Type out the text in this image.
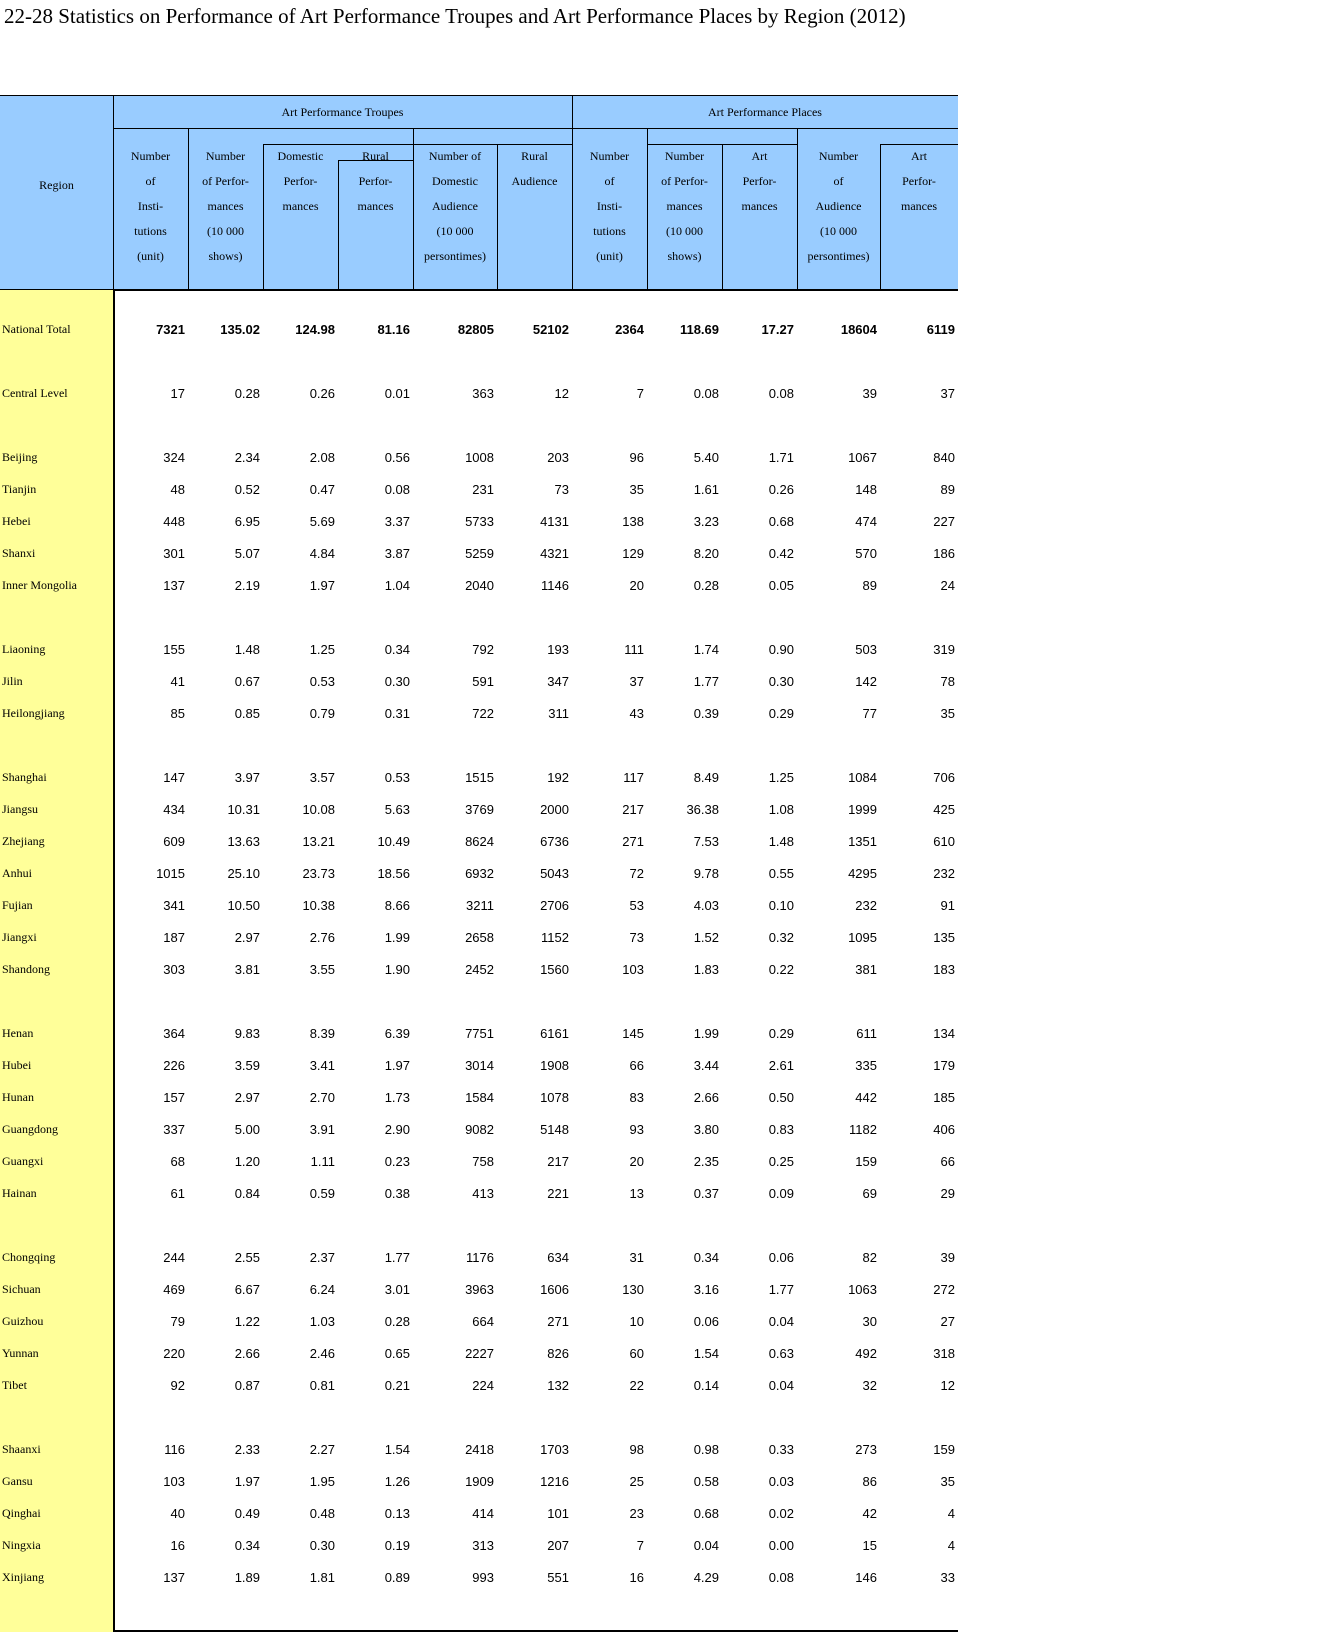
22-28 Statistics on Performance of Art Performance Troupes and Art Performance Places by Region (2012)
Region
Art Performance Troupes	Art Performance Places
Number
of
Insti-
tutions
(unit)
Number
of Perfor-
mances
(10 000
shows)
Domestic
Perfor-
mances
Rural
Perfor-
mances
Number of
Domestic
Audience
(10 000
persontimes)
Rural
Audience
Number
of
Insti-
tutions
(unit)
Number
of Perfor-
mances
(10 000
shows)
Art
Perfor-
mances
Number
of
Audience
(10 000
persontimes)
Art
Perfor-
mances
National Total	7321	135.02	124.98	81.16	82805	52102	2364	118.69	17.27	18604	6119
Central Level	17	0.28	0.26	0.01	363	12	7	0.08	0.08	39	37
Beijing	324	2.34	2.08	0.56	1008	203	96	5.40	1.71	1067	840
Tianjin	48	0.52	0.47	0.08	231	73	35	1.61	0.26	148	89
Hebei	448	6.95	5.69	3.37	5733	4131	138	3.23	0.68	474	227
Shanxi	301	5.07	4.84	3.87	5259	4321	129	8.20	0.42	570	186
Inner Mongolia	137	2.19	1.97	1.04	2040	1146	20	0.28	0.05	89	24
Liaoning	155	1.48	1.25	0.34	792	193	111	1.74	0.90	503	319
Jilin	41	0.67	0.53	0.30	591	347	37	1.77	0.30	142	78
Heilongjiang	85	0.85	0.79	0.31	722	311	43	0.39	0.29	77	35
Shanghai	147	3.97	3.57	0.53	1515	192	117	8.49	1.25	1084	706
Jiangsu	434	10.31	10.08	5.63	3769	2000	217	36.38	1.08	1999	425
Zhejiang	609	13.63	13.21	10.49	8624	6736	271	7.53	1.48	1351	610
Anhui	1015	25.10	23.73	18.56	6932	5043	72	9.78	0.55	4295	232
Fujian	341	10.50	10.38	8.66	3211	2706	53	4.03	0.10	232	91
Jiangxi	187	2.97	2.76	1.99	2658	1152	73	1.52	0.32	1095	135
Shandong	303	3.81	3.55	1.90	2452	1560	103	1.83	0.22	381	183
Henan	364	9.83	8.39	6.39	7751	6161	145	1.99	0.29	611	134
Hubei	226	3.59	3.41	1.97	3014	1908	66	3.44	2.61	335	179
Hunan	157	2.97	2.70	1.73	1584	1078	83	2.66	0.50	442	185
Guangdong	337	5.00	3.91	2.90	9082	5148	93	3.80	0.83	1182	406
Guangxi	68	1.20	1.11	0.23	758	217	20	2.35	0.25	159	66
Hainan	61	0.84	0.59	0.38	413	221	13	0.37	0.09	69	29
Chongqing	244	2.55	2.37	1.77	1176	634	31	0.34	0.06	82	39
Sichuan	469	6.67	6.24	3.01	3963	1606	130	3.16	1.77	1063	272
Guizhou	79	1.22	1.03	0.28	664	271	10	0.06	0.04	30	27
Yunnan	220	2.66	2.46	0.65	2227	826	60	1.54	0.63	492	318
Tibet	92	0.87	0.81	0.21	224	132	22	0.14	0.04	32	12
Shaanxi	116	2.33	2.27	1.54	2418	1703	98	0.98	0.33	273	159
Gansu	103	1.97	1.95	1.26	1909	1216	25	0.58	0.03	86	35
Qinghai	40	0.49	0.48	0.13	414	101	23	0.68	0.02	42	4
Ningxia	16	0.34	0.30	0.19	313	207	7	0.04	0.00	15	4
Xinjiang	137	1.89	1.81	0.89	993	551	16	4.29	0.08	146	33
